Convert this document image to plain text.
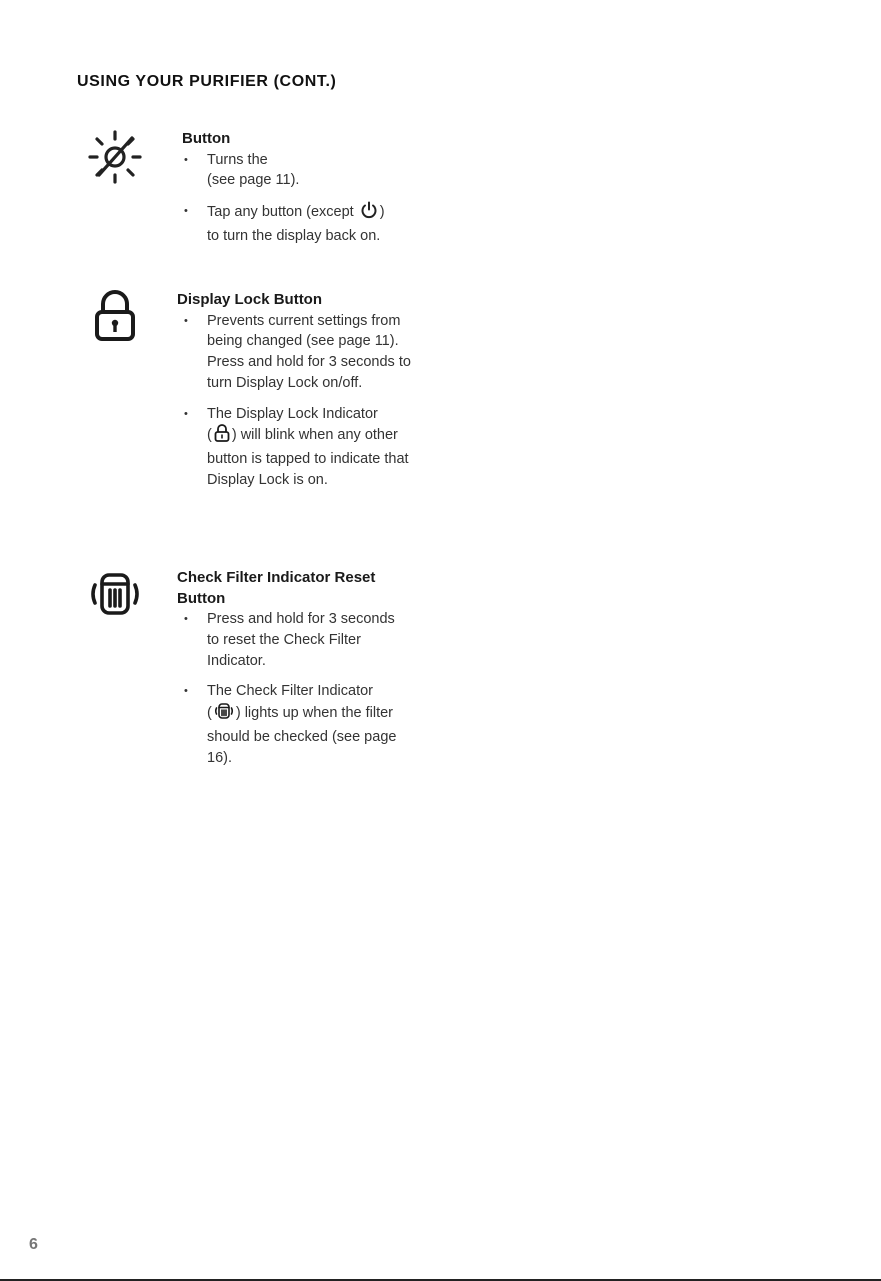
USING YOUR PURIFIER (CONT.)
Button
• Turns the
(see page 11).
• Tap any button (except )
to turn the display back on.
Display Lock Button
• Prevents current settings from being changed (see page 11). Press and hold for 3 seconds to turn Display Lock on/off.
• The Display Lock Indicator
( ) will blink when any other button is tapped to indicate that Display Lock is on.
Check Filter Indicator Reset
Button
• Press and hold for 3 seconds to reset the Check Filter Indicator.
• The Check Filter Indicator
( ) lights up when the filter should be checked (see page 16).
6
